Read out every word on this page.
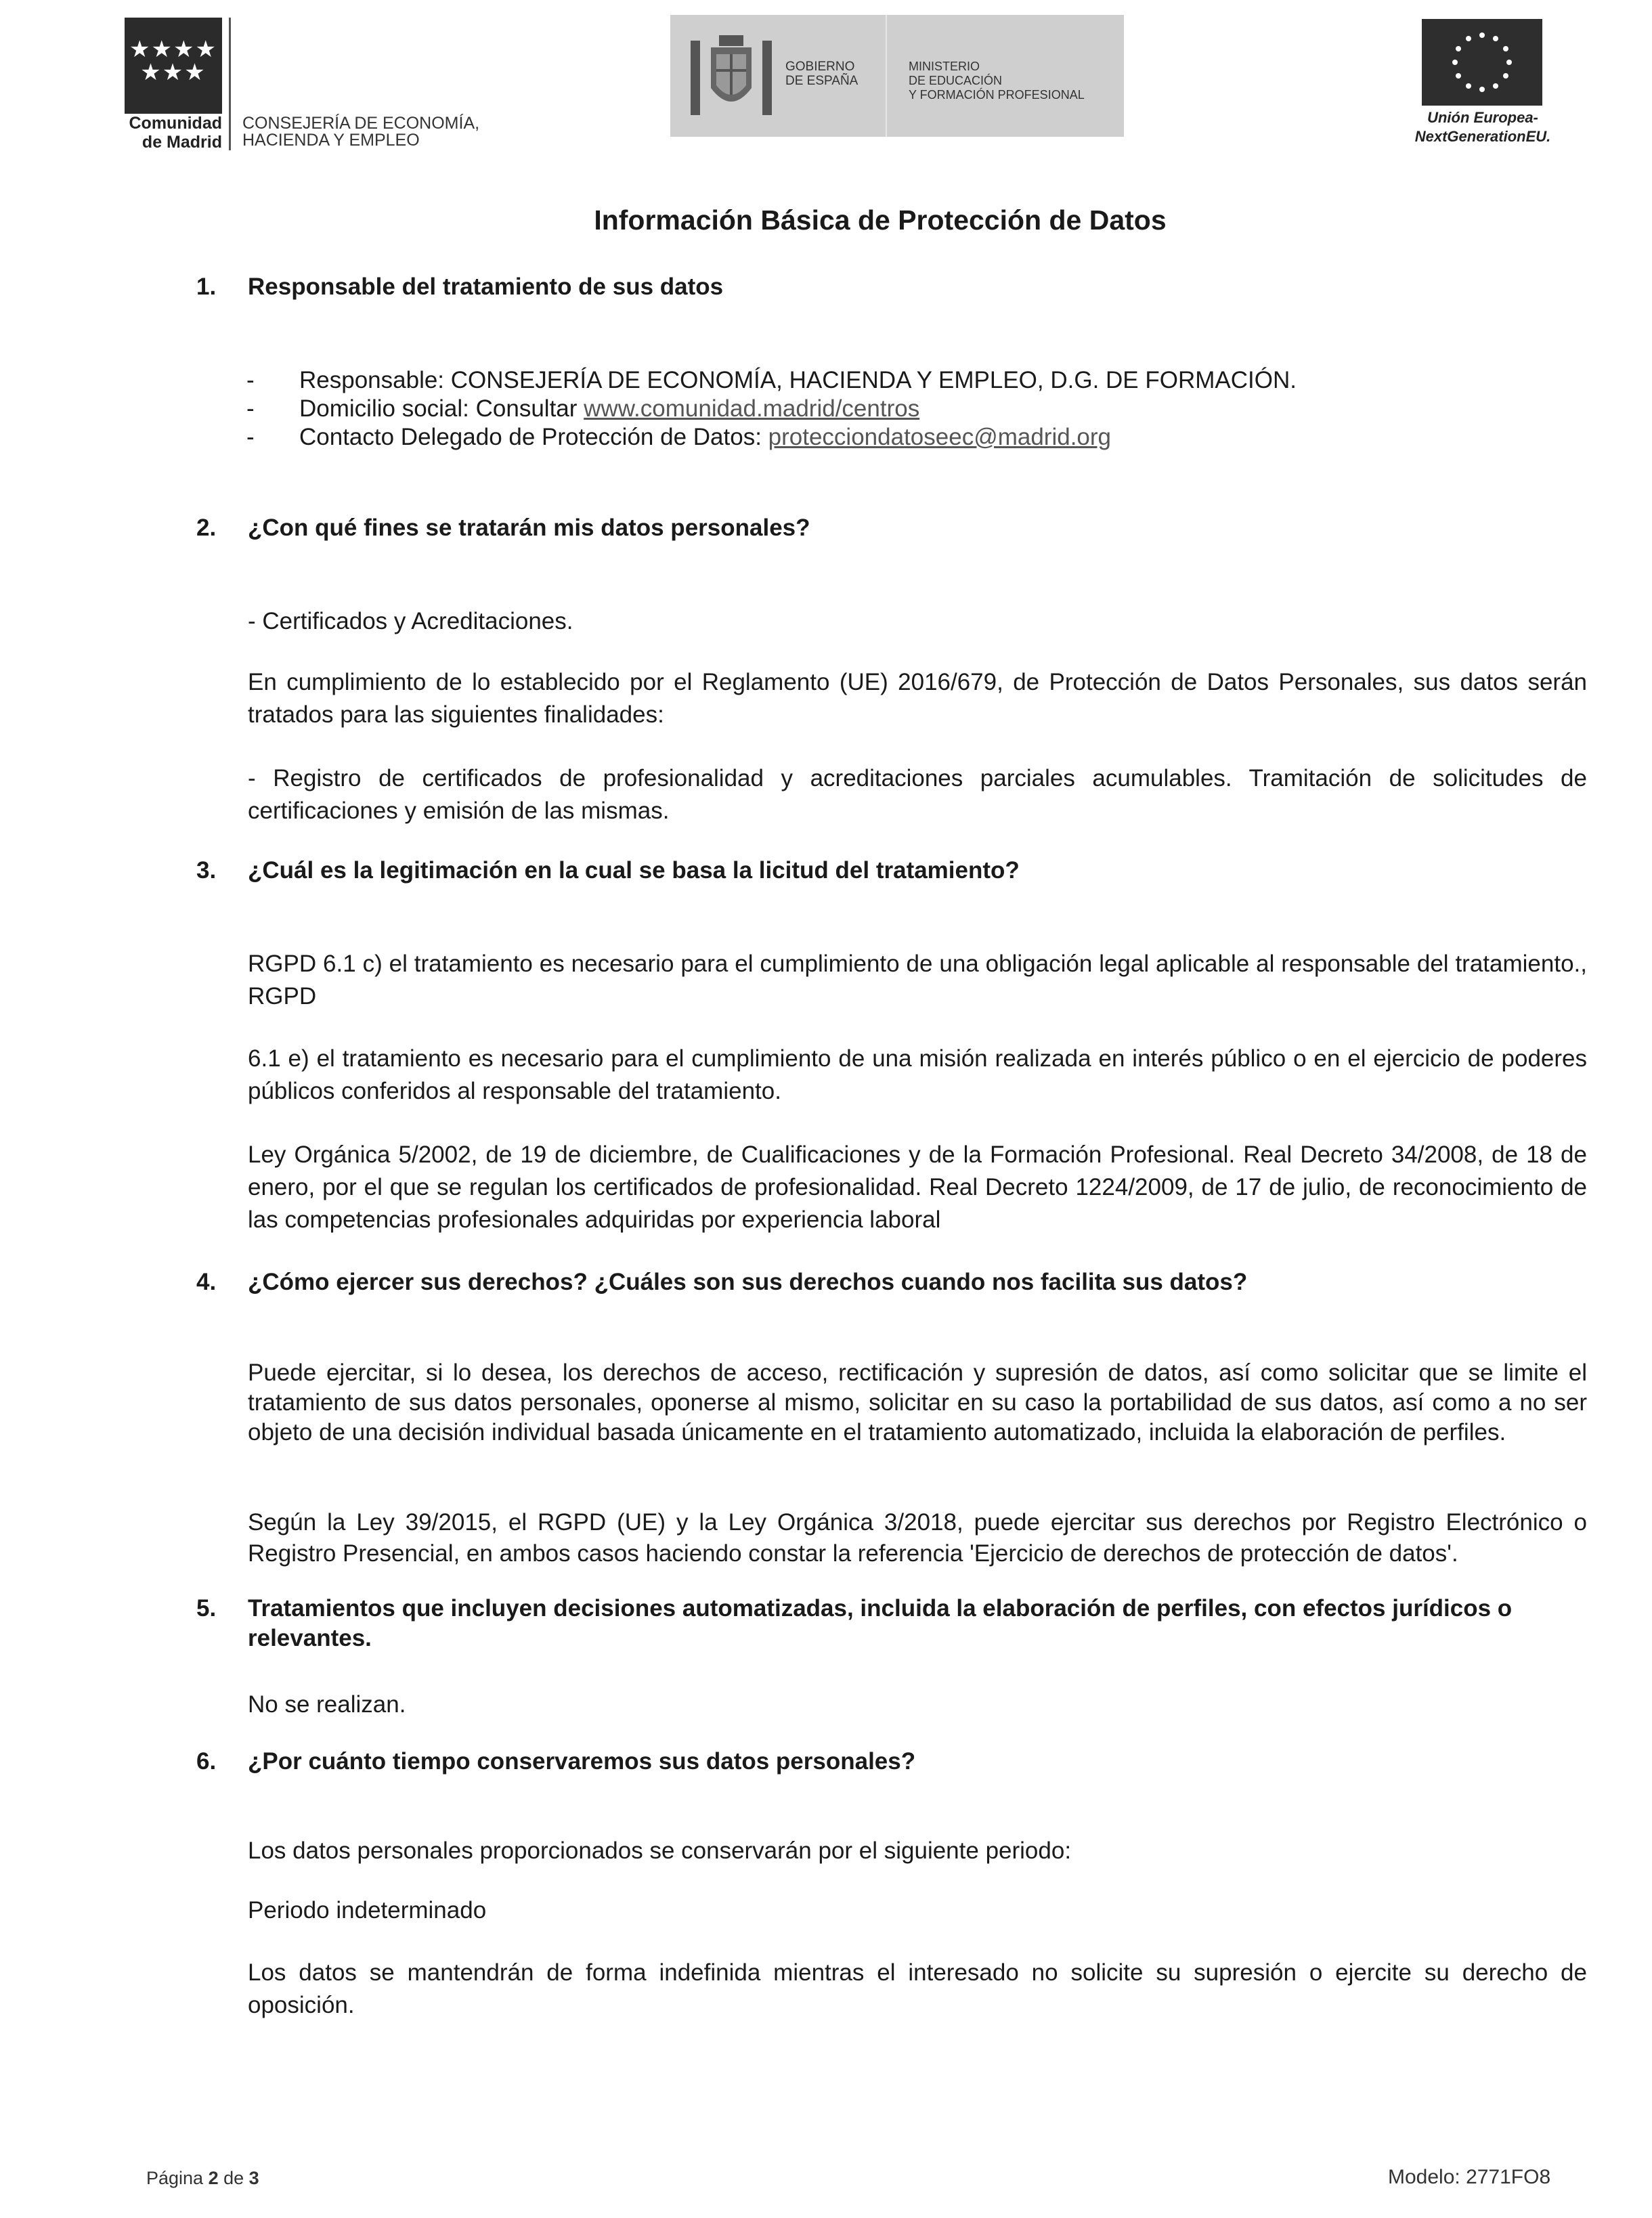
★★★★ ★★★
Comunidad
de Madrid
CONSEJERÍA DE ECONOMÍA,
HACIENDA Y EMPLEO
GOBIERNO
DE ESPAÑA
MINISTERIO
DE EDUCACIÓN
Y FORMACIÓN PROFESIONAL
Unión Europea-
NextGenerationEU.
Información Básica de Protección de Datos
1. Responsable del tratamiento de sus datos
- Responsable: CONSEJERÍA DE ECONOMÍA, HACIENDA Y EMPLEO, D.G. DE FORMACIÓN.
- Domicilio social: Consultar www.comunidad.madrid/centros
- Contacto Delegado de Protección de Datos: protecciondatoseec@madrid.org
2. ¿Con qué fines se tratarán mis datos personales?
- Certificados y Acreditaciones.
En cumplimiento de lo establecido por el Reglamento (UE) 2016/679, de Protección de Datos Personales, sus datos serán tratados para las siguientes finalidades:
- Registro de certificados de profesionalidad y acreditaciones parciales acumulables. Tramitación de solicitudes de certificaciones y emisión de las mismas.
3. ¿Cuál es la legitimación en la cual se basa la licitud del tratamiento?
RGPD 6.1 c) el tratamiento es necesario para el cumplimiento de una obligación legal aplicable al responsable del tratamiento., RGPD
6.1 e) el tratamiento es necesario para el cumplimiento de una misión realizada en interés público o en el ejercicio de poderes públicos conferidos al responsable del tratamiento.
Ley Orgánica 5/2002, de 19 de diciembre, de Cualificaciones y de la Formación Profesional. Real Decreto 34/2008, de 18 de enero, por el que se regulan los certificados de profesionalidad. Real Decreto 1224/2009, de 17 de julio, de reconocimiento de las competencias profesionales adquiridas por experiencia laboral
4. ¿Cómo ejercer sus derechos? ¿Cuáles son sus derechos cuando nos facilita sus datos?
Puede ejercitar, si lo desea, los derechos de acceso, rectificación y supresión de datos, así como solicitar que se limite el tratamiento de sus datos personales, oponerse al mismo, solicitar en su caso la portabilidad de sus datos, así como a no ser objeto de una decisión individual basada únicamente en el tratamiento automatizado, incluida la elaboración de perfiles.
Según la Ley 39/2015, el RGPD (UE) y la Ley Orgánica 3/2018, puede ejercitar sus derechos por Registro Electrónico o Registro Presencial, en ambos casos haciendo constar la referencia 'Ejercicio de derechos de protección de datos'.
5. Tratamientos que incluyen decisiones automatizadas, incluida la elaboración de perfiles, con efectos jurídicos o relevantes.
No se realizan.
6. ¿Por cuánto tiempo conservaremos sus datos personales?
Los datos personales proporcionados se conservarán por el siguiente periodo:
Periodo indeterminado
Los datos se mantendrán de forma indefinida mientras el interesado no solicite su supresión o ejercite su derecho de oposición.
Página 2 de 3	Modelo: 2771FO8
